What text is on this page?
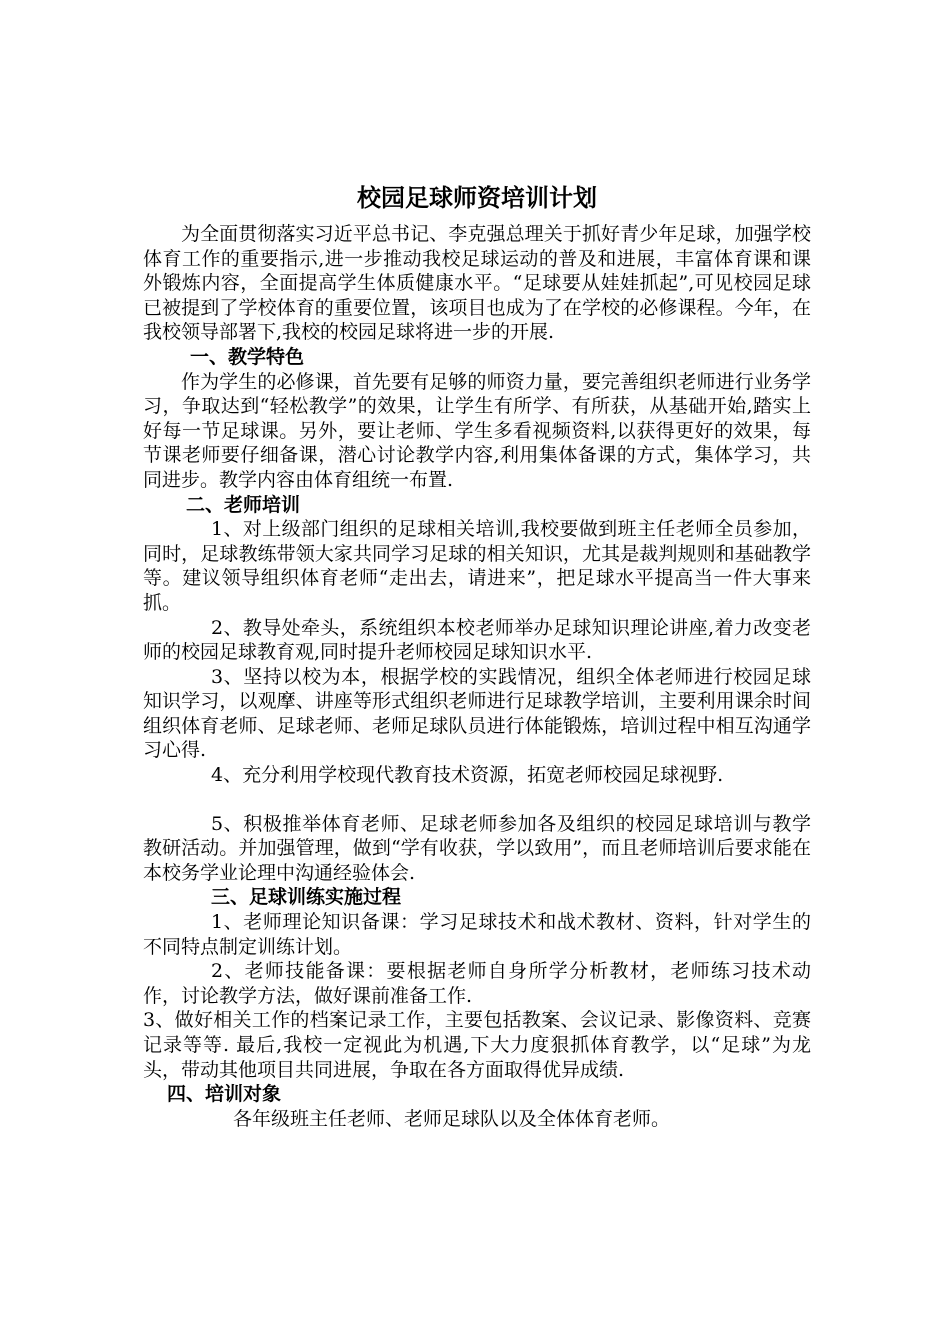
校园足球师资培训计划

为全面贯彻落实习近平总书记、李克强总理关于抓好青少年足球，加强学校体育工作的重要指示,进一步推动我校足球运动的普及和进展，丰富体育课和课外锻炼内容，全面提高学生体质健康水平。“足球要从娃娃抓起”,可见校园足球已被提到了学校体育的重要位置，该项目也成为了在学校的必修课程。今年，在我校领导部署下,我校的校园足球将进一步的开展.

一、教学特色

作为学生的必修课，首先要有足够的师资力量，要完善组织老师进行业务学习，争取达到“轻松教学”的效果，让学生有所学、有所获，从基础开始,踏实上好每一节足球课。另外，要让老师、学生多看视频资料,以获得更好的效果，每节课老师要仔细备课，潜心讨论教学内容,利用集体备课的方式，集体学习，共同进步。教学内容由体育组统一布置.

二、老师培训

1、对上级部门组织的足球相关培训,我校要做到班主任老师全员参加，同时，足球教练带领大家共同学习足球的相关知识，尤其是裁判规则和基础教学等。建议领导组织体育老师“走出去，请进来”，把足球水平提高当一件大事来抓。

2、教导处牵头，系统组织本校老师举办足球知识理论讲座,着力改变老师的校园足球教育观,同时提升老师校园足球知识水平.

3、坚持以校为本，根据学校的实践情况，组织全体老师进行校园足球知识学习，以观摩、讲座等形式组织老师进行足球教学培训，主要利用课余时间组织体育老师、足球老师、老师足球队员进行体能锻炼，培训过程中相互沟通学习心得.

4、充分利用学校现代教育技术资源，拓宽老师校园足球视野.

5、积极推举体育老师、足球老师参加各及组织的校园足球培训与教学教研活动。并加强管理，做到“学有收获，学以致用”，而且老师培训后要求能在本校务学业论理中沟通经验体会.

三、足球训练实施过程

1、老师理论知识备课：学习足球技术和战术教材、资料，针对学生的不同特点制定训练计划。

2、老师技能备课：要根据老师自身所学分析教材，老师练习技术动作，讨论教学方法，做好课前准备工作.

3、做好相关工作的档案记录工作，主要包括教案、会议记录、影像资料、竞赛记录等等. 最后,我校一定视此为机遇,下大力度狠抓体育教学，以“足球”为龙头，带动其他项目共同进展，争取在各方面取得优异成绩.

四、培训对象

各年级班主任老师、老师足球队以及全体体育老师。
